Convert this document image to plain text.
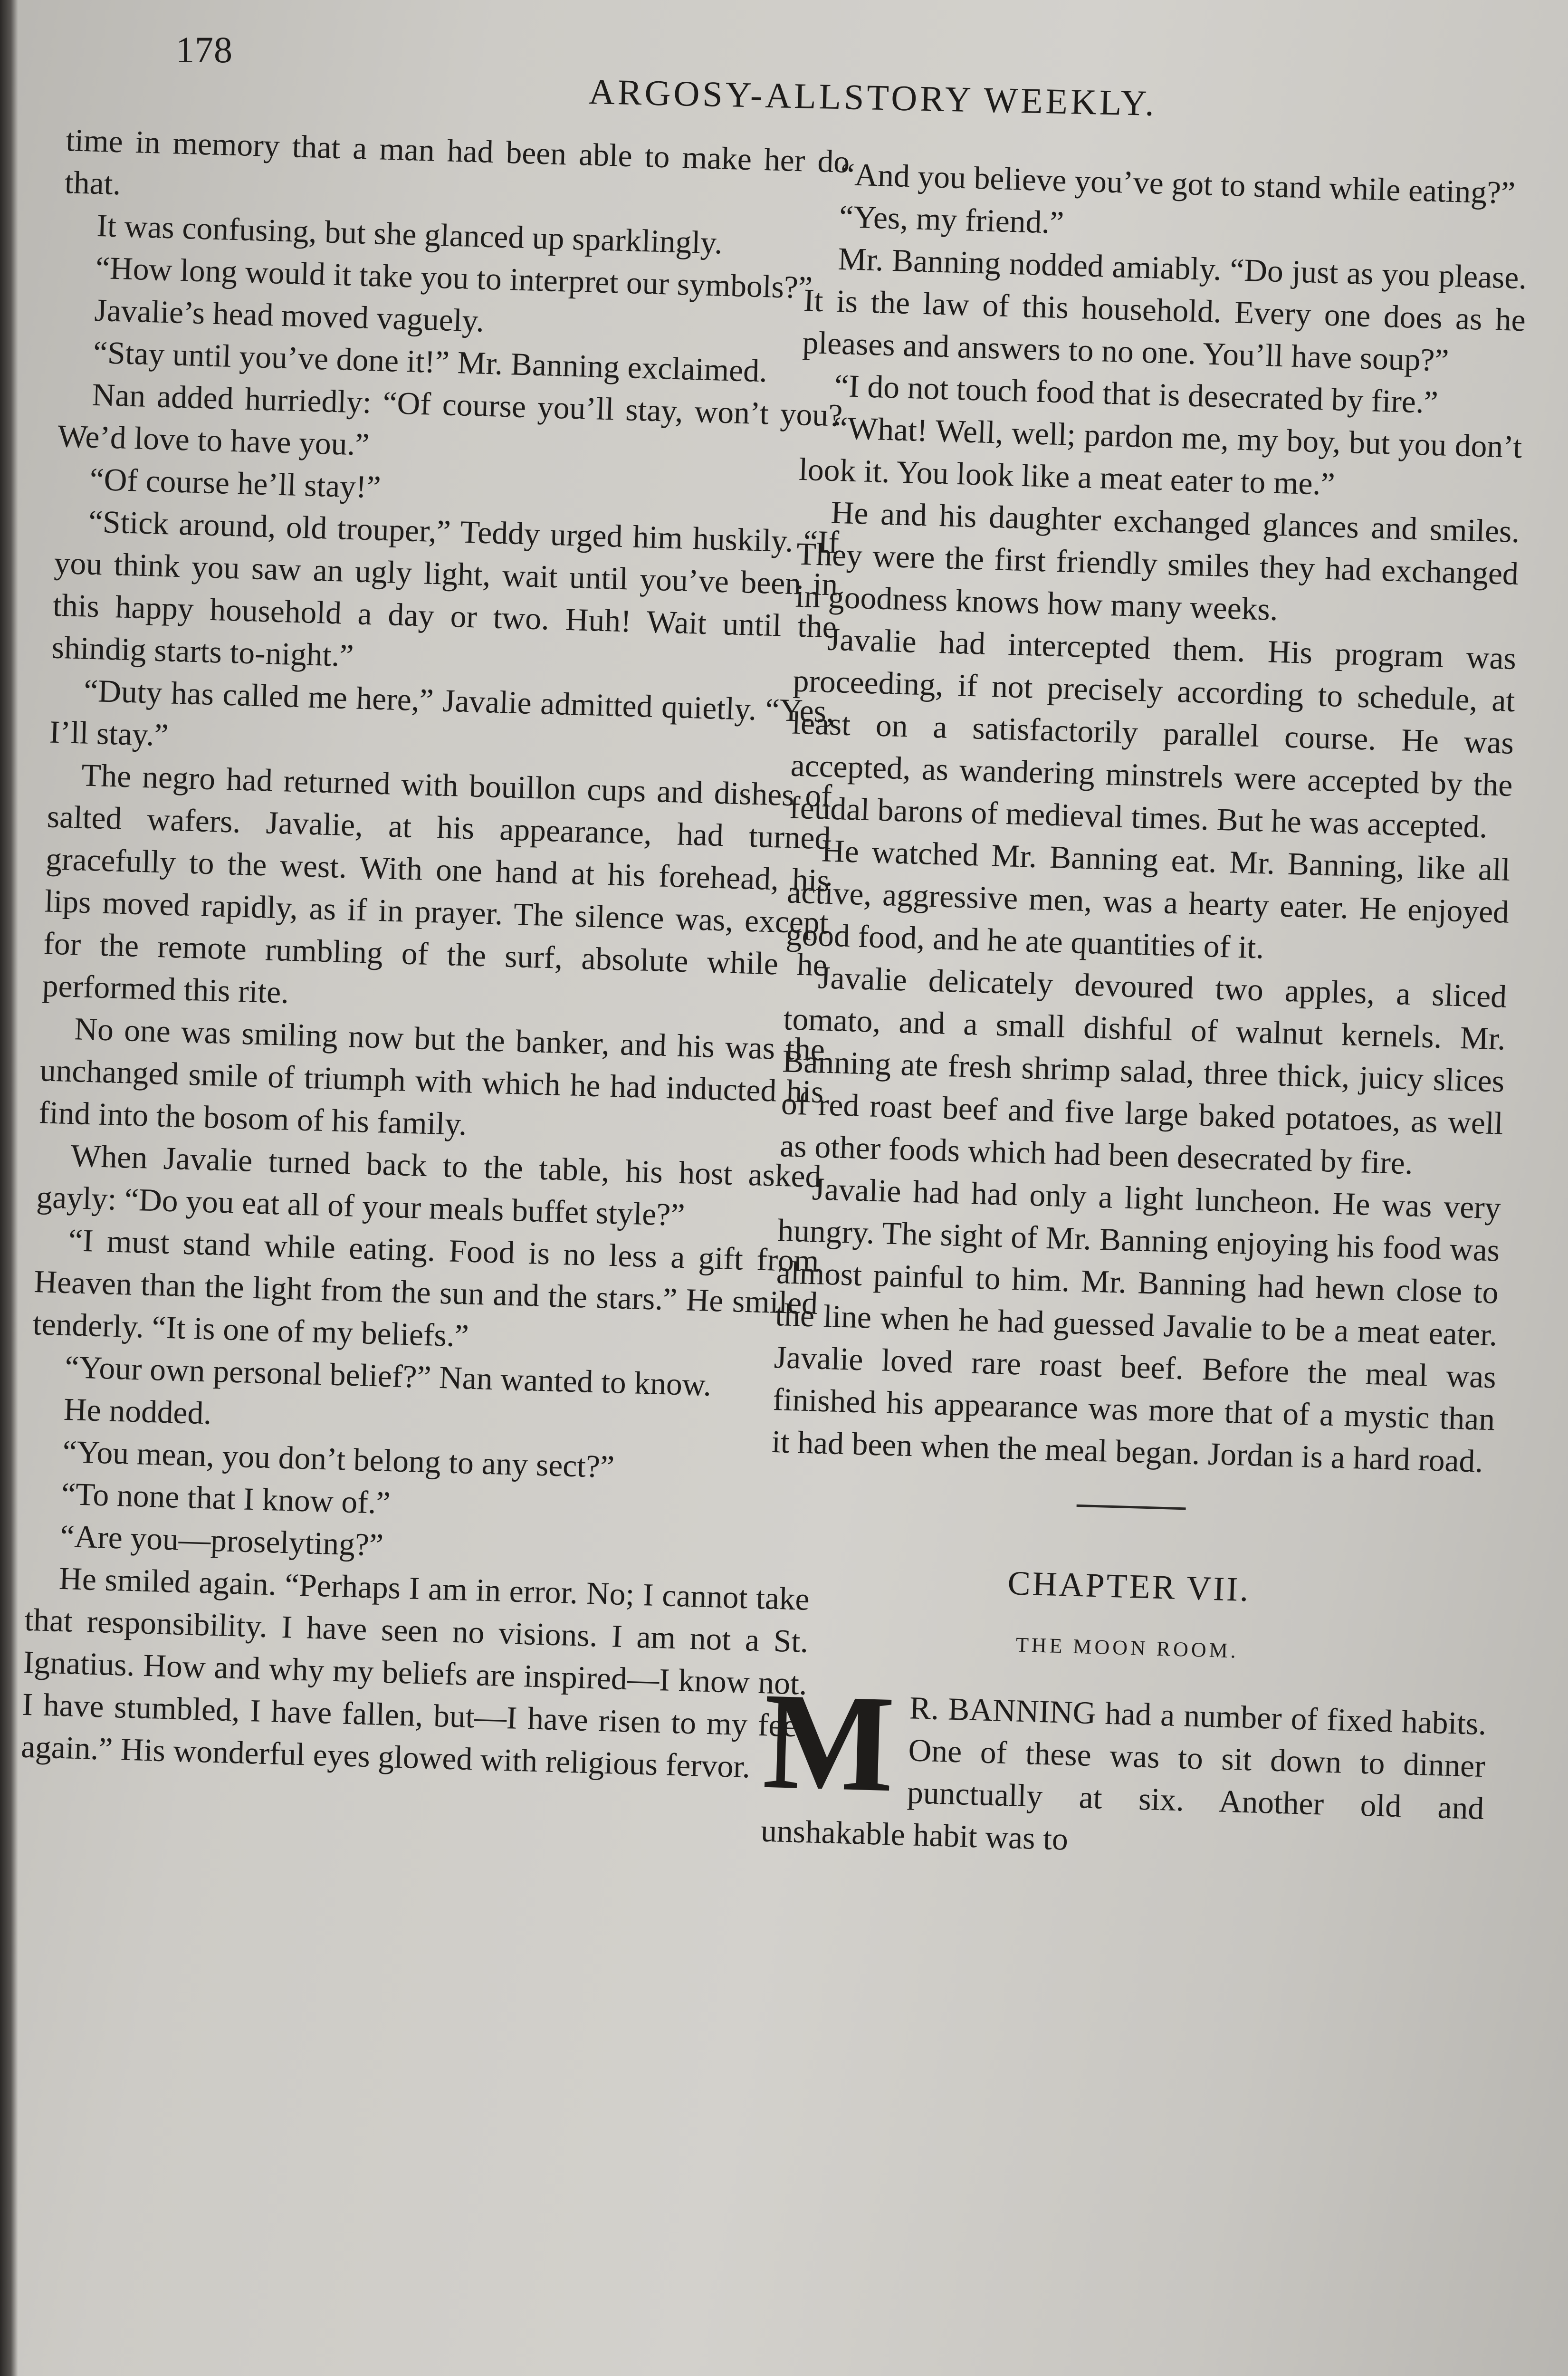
178
ARGOSY-ALLSTORY WEEKLY.

time in memory that a man had been able to make her do that.

It was confusing, but she glanced up sparklingly.

“How long would it take you to interpret our symbols?”

Javalie’s head moved vaguely.

“Stay until you’ve done it!” Mr. Banning exclaimed.

Nan added hurriedly: “Of course you’ll stay, won’t you? We’d love to have you.”

“Of course he’ll stay!”

“Stick around, old trouper,” Teddy urged him huskily. “If you think you saw an ugly light, wait until you’ve been in this happy household a day or two. Huh! Wait until the shindig starts to-night.”

“Duty has called me here,” Javalie admitted quietly. “Yes, I’ll stay.”

The negro had returned with bouillon cups and dishes of salted wafers. Javalie, at his appearance, had turned gracefully to the west. With one hand at his forehead, his lips moved rapidly, as if in prayer. The silence was, except for the remote rumbling of the surf, absolute while he performed this rite.

No one was smiling now but the banker, and his was the unchanged smile of triumph with which he had inducted his find into the bosom of his family.

When Javalie turned back to the table, his host asked gayly: “Do you eat all of your meals buffet style?”

“I must stand while eating. Food is no less a gift from Heaven than the light from the sun and the stars.” He smiled tenderly. “It is one of my beliefs.”

“Your own personal belief?” Nan wanted to know.

He nodded.

“You mean, you don’t belong to any sect?”

“To none that I know of.”

“Are you—proselyting?”

He smiled again. “Perhaps I am in error. No; I cannot take that responsibility. I have seen no visions. I am not a St. Ignatius. How and why my beliefs are inspired—I know not. I have stumbled, I have fallen, but—I have risen to my feet again.” His wonderful eyes glowed with religious fervor.

“And you believe you’ve got to stand while eating?”

“Yes, my friend.”

Mr. Banning nodded amiably. “Do just as you please. It is the law of this household. Every one does as he pleases and answers to no one. You’ll have soup?”

“I do not touch food that is desecrated by fire.”

“What! Well, well; pardon me, my boy, but you don’t look it. You look like a meat eater to me.”

He and his daughter exchanged glances and smiles. They were the first friendly smiles they had exchanged in goodness knows how many weeks.

Javalie had intercepted them. His program was proceeding, if not precisely according to schedule, at least on a satisfactorily parallel course. He was accepted, as wandering minstrels were accepted by the feudal barons of medieval times. But he was accepted.

He watched Mr. Banning eat. Mr. Banning, like all active, aggressive men, was a hearty eater. He enjoyed good food, and he ate quantities of it.

Javalie delicately devoured two apples, a sliced tomato, and a small dishful of walnut kernels. Mr. Banning ate fresh shrimp salad, three thick, juicy slices of red roast beef and five large baked potatoes, as well as other foods which had been desecrated by fire.

Javalie had had only a light luncheon. He was very hungry. The sight of Mr. Banning enjoying his food was almost painful to him. Mr. Banning had hewn close to the line when he had guessed Javalie to be a meat eater. Javalie loved rare roast beef. Before the meal was finished his appearance was more that of a mystic than it had been when the meal began. Jordan is a hard road.

CHAPTER VII.
THE MOON ROOM.

M R. BANNING had a number of fixed habits. One of these was to sit down to dinner punctually at six. Another old and unshakable habit was to
